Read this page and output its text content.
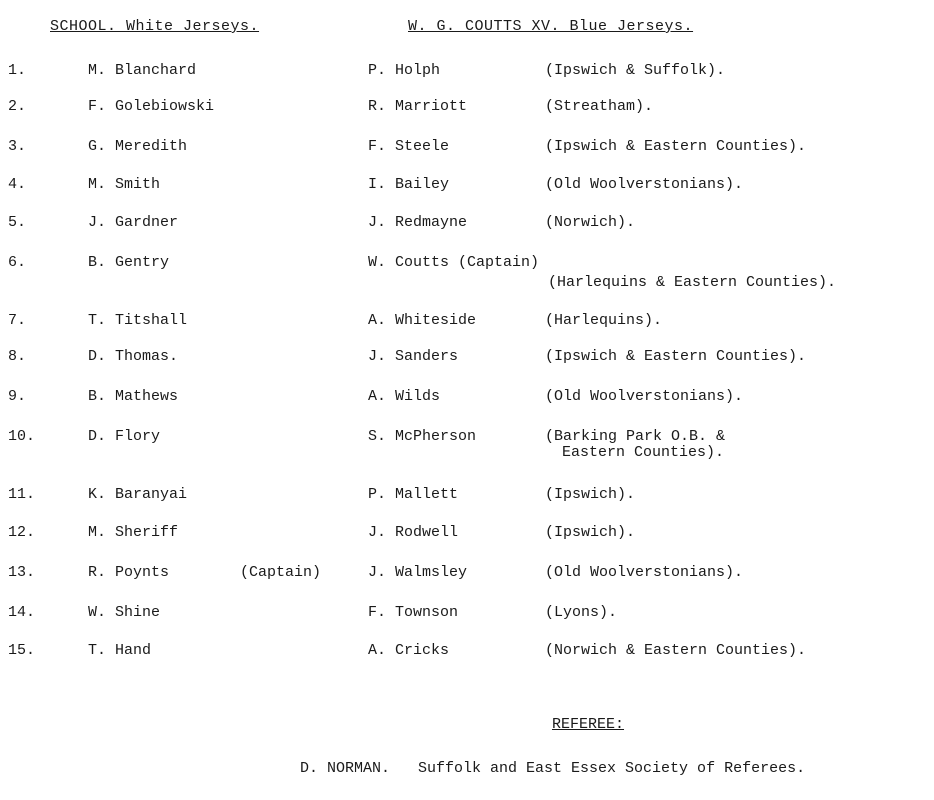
SCHOOL. White Jerseys.	W. G. COUTTS XV. Blue Jerseys.
1.	M. Blanchard	P. Holph	(Ipswich & Suffolk).
2.	F. Golebiowski	R. Marriott	(Streatham).
3.	G. Meredith	F. Steele	(Ipswich & Eastern Counties).
4.	M. Smith	I. Bailey	(Old Woolverstonians).
5.	J. Gardner	J. Redmayne	(Norwich).
6.	B. Gentry	W. Coutts (Captain)
(Harlequins & Eastern Counties).
7.	T. Titshall	A. Whiteside	(Harlequins).
8.	D. Thomas.	J. Sanders	(Ipswich & Eastern Counties).
9.	B. Mathews	A. Wilds	(Old Woolverstonians).
10.	D. Flory	S. McPherson	(Barking Park O.B. &
Eastern Counties).
11.	K. Baranyai	P. Mallett	(Ipswich).
12.	M. Sheriff	J. Rodwell	(Ipswich).
13.	R. Poynts	(Captain)	J. Walmsley	(Old Woolverstonians).
14.	W. Shine	F. Townson	(Lyons).
15.	T. Hand	A. Cricks	(Norwich & Eastern Counties).
REFEREE:
D. NORMAN. Suffolk and East Essex Society of Referees.
